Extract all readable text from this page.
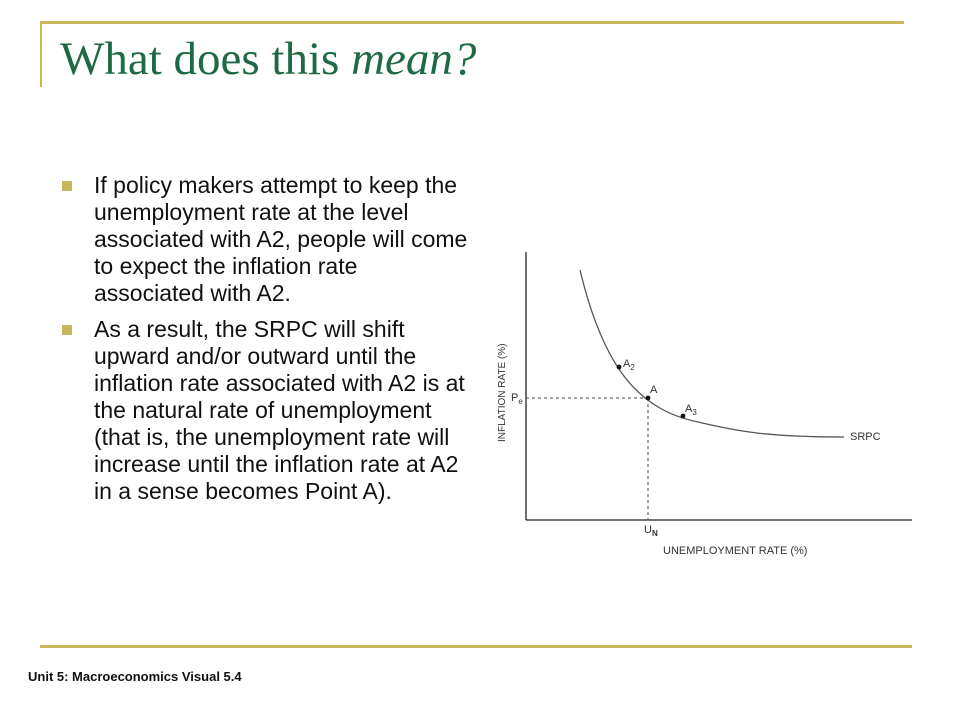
What does this mean?
If policy makers attempt to keep the unemployment rate at the level associated with A2, people will come to expect the inflation rate associated with A2.
As a result, the SRPC will shift upward and/or outward until the inflation rate associated with A2 is at the natural rate of unemployment (that is, the unemployment rate will increase until the inflation rate at A2 in a sense becomes Point A).
$A_2$
A
$A_3$
$P_e$
$U_N$
SRPC
UNEMPLOYMENT RATE (%)
INFLATION RATE (%)
Unit 5: Macroeconomics Visual 5.4
